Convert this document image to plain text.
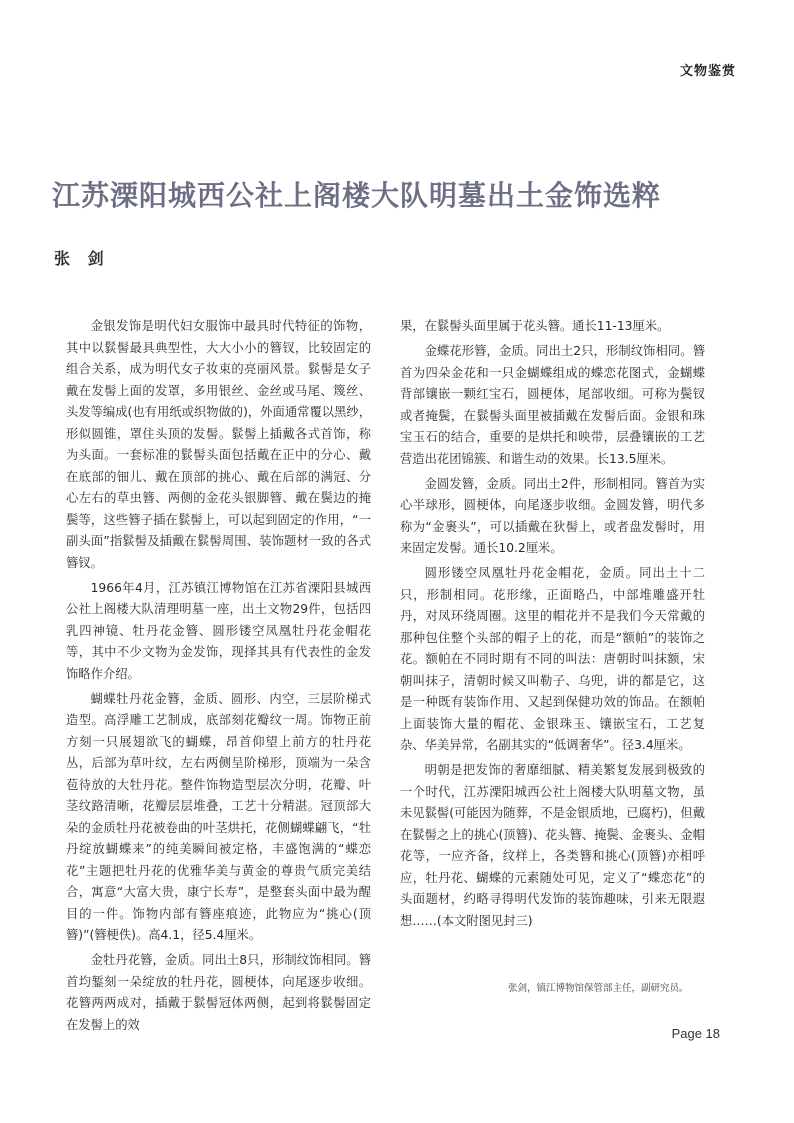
文物鉴赏
江苏溧阳城西公社上阁楼大队明墓出土金饰选粹
张 剑

金银发饰是明代妇女服饰中最具时代特征的饰物，其中以䯼髻最具典型性，大大小小的簪钗，比较固定的组合关系，成为明代女子妆束的亮丽风景。䯼髻是女子戴在发髻上面的发罩，多用银丝、金丝或马尾、篾丝、头发等编成(也有用纸或织物做的)，外面通常覆以黑纱，形似圆锥，罩住头顶的发髻。䯼髻上插戴各式首饰，称为头面。一套标准的䯼髻头面包括戴在正中的分心、戴在底部的钿儿、戴在顶部的挑心、戴在后部的满冠、分心左右的草虫簪、两侧的金花头银脚簪、戴在鬓边的掩鬓等，这些簪子插在䯼髻上，可以起到固定的作用，“一副头面”指䯼髻及插戴在䯼髻周围、装饰题材一致的各式簪钗。

1966年4月，江苏镇江博物馆在江苏省溧阳县城西公社上阁楼大队清理明墓一座，出土文物29件，包括四乳四神镜、牡丹花金簪、圆形镂空凤凰牡丹花金帽花等，其中不少文物为金发饰，现择其具有代表性的金发饰略作介绍。

蝴蝶牡丹花金簪，金质、圆形、内空，三层阶梯式造型。高浮雕工艺制成，底部刻花瓣纹一周。饰物正前方刻一只展翅欲飞的蝴蝶，昂首仰望上前方的牡丹花丛，后部为草叶纹，左右两侧呈阶梯形，顶端为一朵含苞待放的大牡丹花。整件饰物造型层次分明，花瓣、叶茎纹路清晰，花瓣层层堆叠，工艺十分精湛。冠顶部大朵的金质牡丹花被卷曲的叶茎烘托，花侧蝴蝶翩飞，“牡丹绽放蝴蝶来”的纯美瞬间被定格，丰盛饱满的“蝶恋花”主题把牡丹花的优雅华美与黄金的尊贵气质完美结合，寓意“大富大贵，康宁长寿”，是整套头面中最为醒目的一件。饰物内部有簪座痕迹，此物应为“挑心(顶簪)”(簪梗佚)。高4.1，径5.4厘米。

金牡丹花簪，金质。同出土8只，形制纹饰相同。簪首均錾刻一朵绽放的牡丹花，圆梗体，向尾逐步收细。花簪两两成对，插戴于䯼髻冠体两侧，起到将䯼髻固定在发髻上的效

果，在䯼髻头面里属于花头簪。通长11-13厘米。

金蝶花形簪，金质。同出土2只，形制纹饰相同。簪首为四朵金花和一只金蝴蝶组成的蝶恋花图式，金蝴蝶背部镶嵌一颗红宝石，圆梗体，尾部收细。可称为鬓钗或者掩鬓，在䯼髻头面里被插戴在发髻后面。金银和珠宝玉石的结合，重要的是烘托和映带，层叠镶嵌的工艺营造出花团锦簇、和谐生动的效果。长13.5厘米。

金圆发簪，金质。同出土2件，形制相同。簪首为实心半球形，圆梗体，向尾逐步收细。金圆发簪，明代多称为“金裹头”，可以插戴在狄髻上，或者盘发髻时，用来固定发髻。通长10.2厘米。

圆形镂空凤凰牡丹花金帽花，金质。同出土十二只，形制相同。花形缘，正面略凸，中部堆雕盛开牡丹，对凤环绕周圈。这里的帽花并不是我们今天常戴的那种包住整个头部的帽子上的花，而是“额帕”的装饰之花。额帕在不同时期有不同的叫法：唐朝时叫抹额，宋朝叫抹子，清朝时候又叫勒子、乌兜，讲的都是它，这是一种既有装饰作用、又起到保健功效的饰品。在额帕上面装饰大量的帽花、金银珠玉、镶嵌宝石，工艺复杂、华美异常，名副其实的“低调奢华”。径3.4厘米。

明朝是把发饰的奢靡细腻、精美繁复发展到极致的一个时代，江苏溧阳城西公社上阁楼大队明墓文物，虽未见䯼髻(可能因为随葬，不是金银质地，已腐朽)，但戴在䯼髻之上的挑心(顶簪)、花头簪、掩鬓、金裹头、金帽花等，一应齐备，纹样上，各类簪和挑心(顶簪)亦相呼应，牡丹花、蝴蝶的元素随处可见，定义了“蝶恋花”的头面题材，约略寻得明代发饰的装饰趣味，引来无限遐想……(本文附图见封三)

张剑，镇江博物馆保管部主任，副研究员。
Page 18
